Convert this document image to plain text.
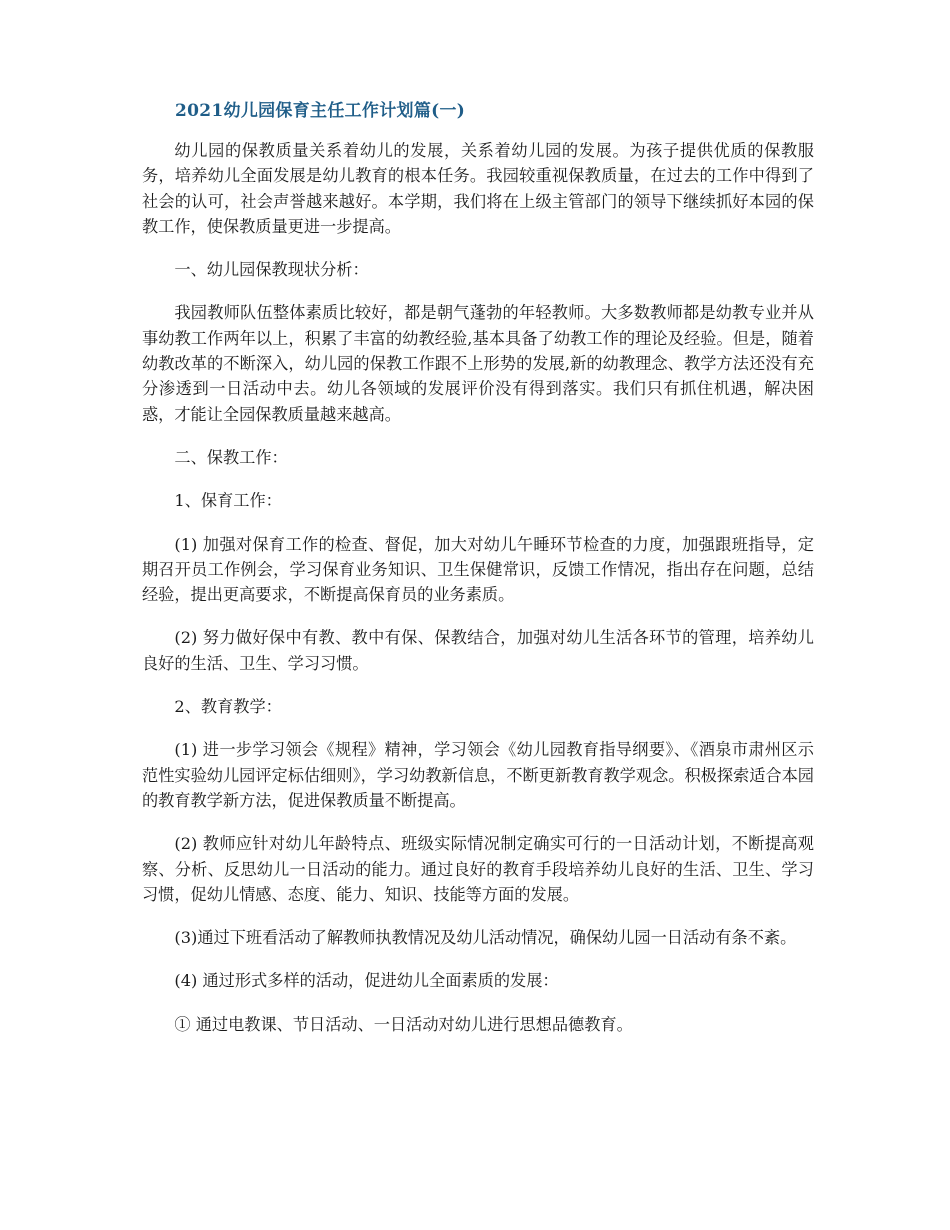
2021幼儿园保育主任工作计划篇(一)

幼儿园的保教质量关系着幼儿的发展，关系着幼儿园的发展。为孩子提供优质的保教服务，培养幼儿全面发展是幼儿教育的根本任务。我园较重视保教质量，在过去的工作中得到了社会的认可，社会声誉越来越好。本学期，我们将在上级主管部门的领导下继续抓好本园的保教工作，使保教质量更进一步提高。

一、幼儿园保教现状分析：

我园教师队伍整体素质比较好，都是朝气蓬勃的年轻教师。大多数教师都是幼教专业并从事幼教工作两年以上，积累了丰富的幼教经验,基本具备了幼教工作的理论及经验。但是，随着幼教改革的不断深入，幼儿园的保教工作跟不上形势的发展,新的幼教理念、教学方法还没有充分渗透到一日活动中去。幼儿各领域的发展评价没有得到落实。我们只有抓住机遇，解决困惑，才能让全园保教质量越来越高。

二、保教工作：

1、保育工作：

(1) 加强对保育工作的检查、督促，加大对幼儿午睡环节检查的力度，加强跟班指导，定期召开员工作例会，学习保育业务知识、卫生保健常识，反馈工作情况，指出存在问题，总结经验，提出更高要求，不断提高保育员的业务素质。

(2) 努力做好保中有教、教中有保、保教结合，加强对幼儿生活各环节的管理，培养幼儿良好的生活、卫生、学习习惯。

2、教育教学：

(1) 进一步学习领会《规程》精神，学习领会《幼儿园教育指导纲要》、《酒泉市肃州区示范性实验幼儿园评定标估细则》，学习幼教新信息，不断更新教育教学观念。积极探索适合本园的教育教学新方法，促进保教质量不断提高。

(2) 教师应针对幼儿年龄特点、班级实际情况制定确实可行的一日活动计划，不断提高观察、分析、反思幼儿一日活动的能力。通过良好的教育手段培养幼儿良好的生活、卫生、学习习惯，促幼儿情感、态度、能力、知识、技能等方面的发展。

(3)通过下班看活动了解教师执教情况及幼儿活动情况，确保幼儿园一日活动有条不紊。

(4) 通过形式多样的活动，促进幼儿全面素质的发展：

① 通过电教课、节日活动、一日活动对幼儿进行思想品德教育。
